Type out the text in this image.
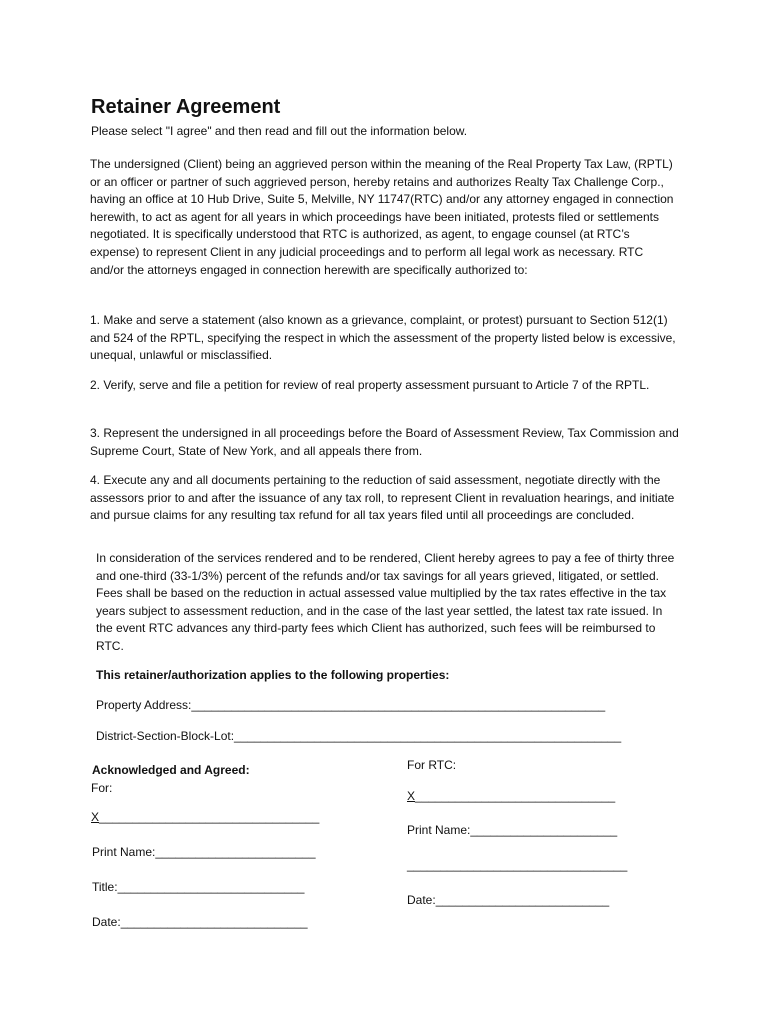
Retainer Agreement
Please select "I agree" and then read and fill out the information below.
The undersigned (Client) being an aggrieved person within the meaning of the Real Property Tax Law, (RPTL) or an officer or partner of such aggrieved person, hereby retains and authorizes Realty Tax Challenge Corp., having an office at 10 Hub Drive, Suite 5, Melville, NY 11747(RTC) and/or any attorney engaged in connection herewith, to act as agent for all years in which proceedings have been initiated, protests filed or settlements negotiated. It is specifically understood that RTC is authorized, as agent, to engage counsel (at RTC’s expense) to represent Client in any judicial proceedings and to perform all legal work as necessary. RTC and/or the attorneys engaged in connection herewith are specifically authorized to:
1. Make and serve a statement (also known as a grievance, complaint, or protest) pursuant to Section 512(1) and 524 of the RPTL, specifying the respect in which the assessment of the property listed below is excessive, unequal, unlawful or misclassified.
2. Verify, serve and file a petition for review of real property assessment pursuant to Article 7 of the RPTL.
3. Represent the undersigned in all proceedings before the Board of Assessment Review, Tax Commission and Supreme Court, State of New York, and all appeals there from.
4. Execute any and all documents pertaining to the reduction of said assessment, negotiate directly with the assessors prior to and after the issuance of any tax roll, to represent Client in revaluation hearings, and initiate and pursue claims for any resulting tax refund for all tax years filed until all proceedings are concluded.
In consideration of the services rendered and to be rendered, Client hereby agrees to pay a fee of thirty three and one-third (33-1/3%) percent of the refunds and/or tax savings for all years grieved, litigated, or settled. Fees shall be based on the reduction in actual assessed value multiplied by the tax rates effective in the tax years subject to assessment reduction, and in the case of the last year settled, the latest tax rate issued. In the event RTC advances any third-party fees which Client has authorized, such fees will be reimbursed to RTC.
This retainer/authorization applies to the following properties:
Property Address:______________________________________________________________
District-Section-Block-Lot:__________________________________________________________
Acknowledged and Agreed:
For:
X_________________________________
Print Name:________________________
Title:____________________________
Date:____________________________
For RTC:
X______________________________
Print Name:______________________
_________________________________
Date:__________________________
